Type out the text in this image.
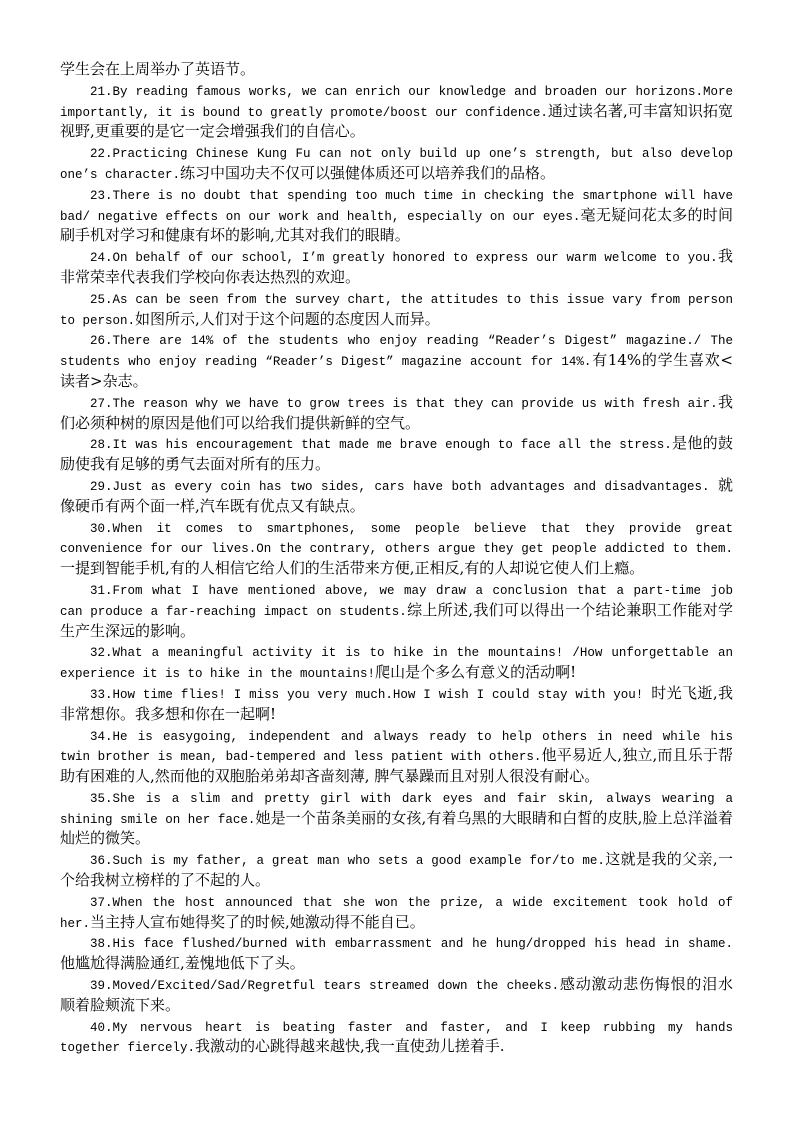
学生会在上周举办了英语节。

21.By reading famous works, we can enrich our knowledge and broaden our horizons.More importantly, it is bound to greatly promote/boost our confidence.通过读名著,可丰富知识拓宽视野,更重要的是它一定会增强我们的自信心。

22.Practicing Chinese Kung Fu can not only build up one’s strength, but also develop one’s character.练习中国功夫不仅可以强健体质还可以培养我们的品格。

23.There is no doubt that spending too much time in checking the smartphone will have bad/ negative effects on our work and health, especially on our eyes.毫无疑问花太多的时间刷手机对学习和健康有坏的影响,尤其对我们的眼睛。

24.On behalf of our school, I’m greatly honored to express our warm welcome to you.我非常荣幸代表我们学校向你表达热烈的欢迎。

25.As can be seen from the survey chart, the attitudes to this issue vary from person to person.如图所示,人们对于这个问题的态度因人而异。

26.There are 14% of the students who enjoy reading “Reader’s Digest” magazine./ The students who enjoy reading “Reader’s Digest” magazine account for 14%.有14%的学生喜欢<读者>杂志。

27.The reason why we have to grow trees is that they can provide us with fresh air.我们必须种树的原因是他们可以给我们提供新鲜的空气。

28.It was his encouragement that made me brave enough to face all the stress.是他的鼓励使我有足够的勇气去面对所有的压力。

29.Just as every coin has two sides, cars have both advantages and disadvantages. 就像硬币有两个面一样,汽车既有优点又有缺点。

30.When it comes to smartphones, some people believe that they provide great convenience for our lives.On the contrary, others argue they get people addicted to them.一提到智能手机,有的人相信它给人们的生活带来方便,正相反,有的人却说它使人们上瘾。

31.From what I have mentioned above, we may draw a conclusion that a part-time job can produce a far-reaching impact on students.综上所述,我们可以得出一个结论兼职工作能对学生产生深远的影响。

32.What a meaningful activity it is to hike in the mountains! /How unforgettable an experience it is to hike in the mountains!爬山是个多么有意义的活动啊!

33.How time flies! I miss you very much.How I wish I could stay with you! 时光飞逝,我非常想你。我多想和你在一起啊!

34.He is easygoing, independent and always ready to help others in need while his twin brother is mean, bad-tempered and less patient with others.他平易近人,独立,而且乐于帮助有困难的人,然而他的双胞胎弟弟却吝啬刻薄, 脾气暴躁而且对别人很没有耐心。

35.She is a slim and pretty girl with dark eyes and fair skin, always wearing a shining smile on her face.她是一个苗条美丽的女孩,有着乌黑的大眼睛和白皙的皮肤,脸上总洋溢着灿烂的微笑。

36.Such is my father, a great man who sets a good example for/to me.这就是我的父亲,一个给我树立榜样的了不起的人。

37.When the host announced that she won the prize, a wide excitement took hold of her.当主持人宣布她得奖了的时候,她激动得不能自已。

38.His face flushed/burned with embarrassment and he hung/dropped his head in shame.他尴尬得满脸通红,羞愧地低下了头。

39.Moved/Excited/Sad/Regretful tears streamed down the cheeks.感动激动悲伤悔恨的泪水顺着脸颊流下来。

40.My nervous heart is beating faster and faster, and I keep rubbing my hands together fiercely.我激动的心跳得越来越快,我一直使劲儿搓着手.
